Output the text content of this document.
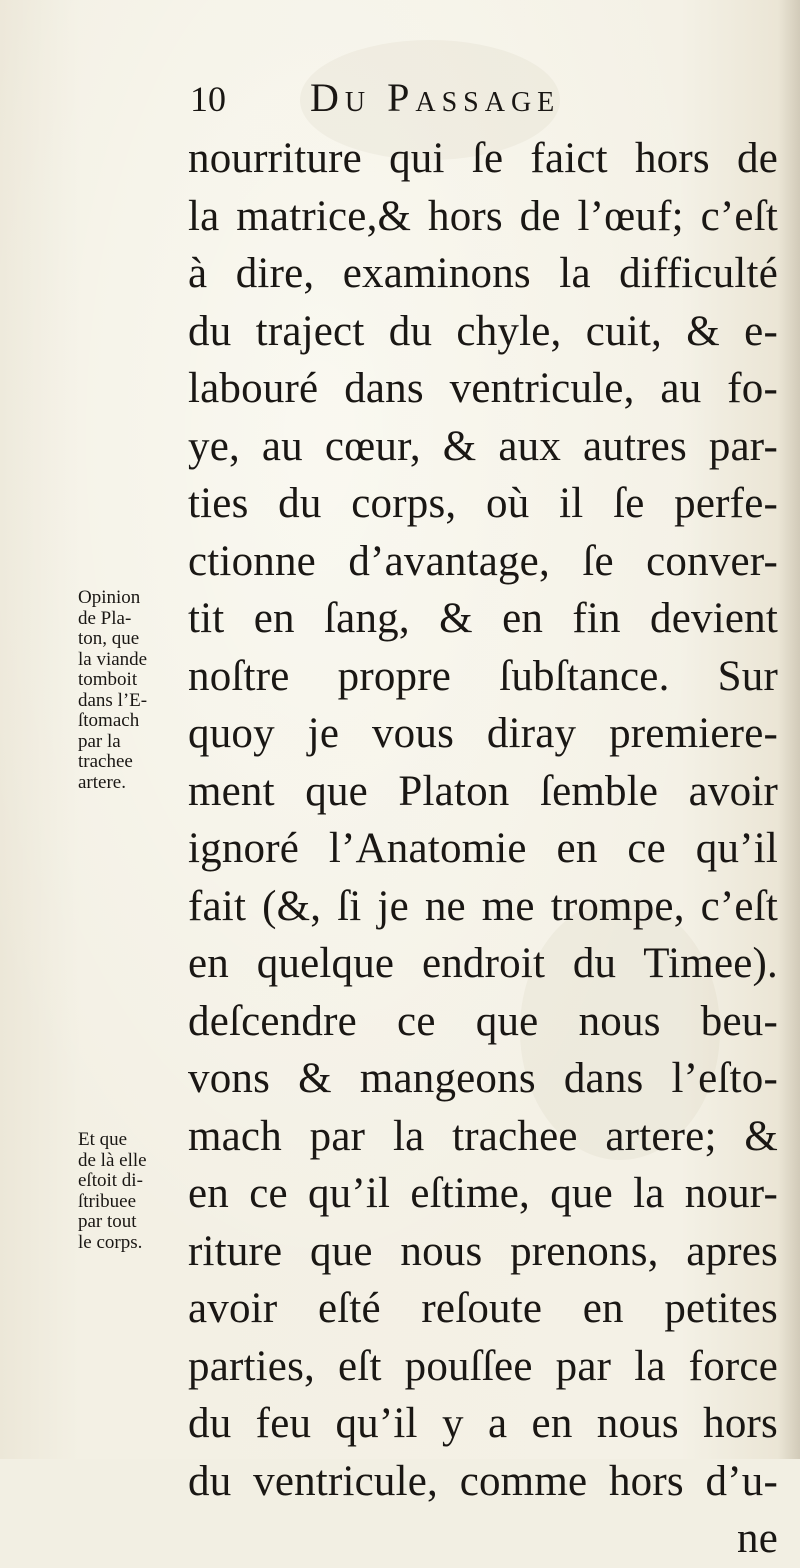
10 Du Passage
nourriture qui ſe faict hors de
la matrice,& hors de l’œuf; c’eſt
à dire, examinons la difficulté
du traject du chyle, cuit, & e-
labouré dans ventricule, au fo-
ye, au cœur, & aux autres par-
ties du corps, où il ſe perfe-
ctionne d’avantage, ſe conver-
tit en ſang, & en fin devient
noſtre propre ſubſtance. Sur
quoy je vous diray premiere-
ment que Platon ſemble avoir
ignoré l’Anatomie en ce qu’il
fait (&, ſi je ne me trompe, c’eſt
en quelque endroit du Timee).
deſcendre ce que nous beu-
vons & mangeons dans l’eſto-
mach par la trachee artere; &
en ce qu’il eſtime, que la nour-
riture que nous prenons, apres
avoir eſté reſoute en petites
parties, eſt pouſſee par la force
du feu qu’il y a en nous hors
du ventricule, comme hors d’u-
ne
Opinion
de Pla-
ton, que
la viande
tomboit
dans l’E-
ſtomach
par la
trachee
artere.
Et que
de là elle
eſtoit di-
ſtribuee
par tout
le corps.
